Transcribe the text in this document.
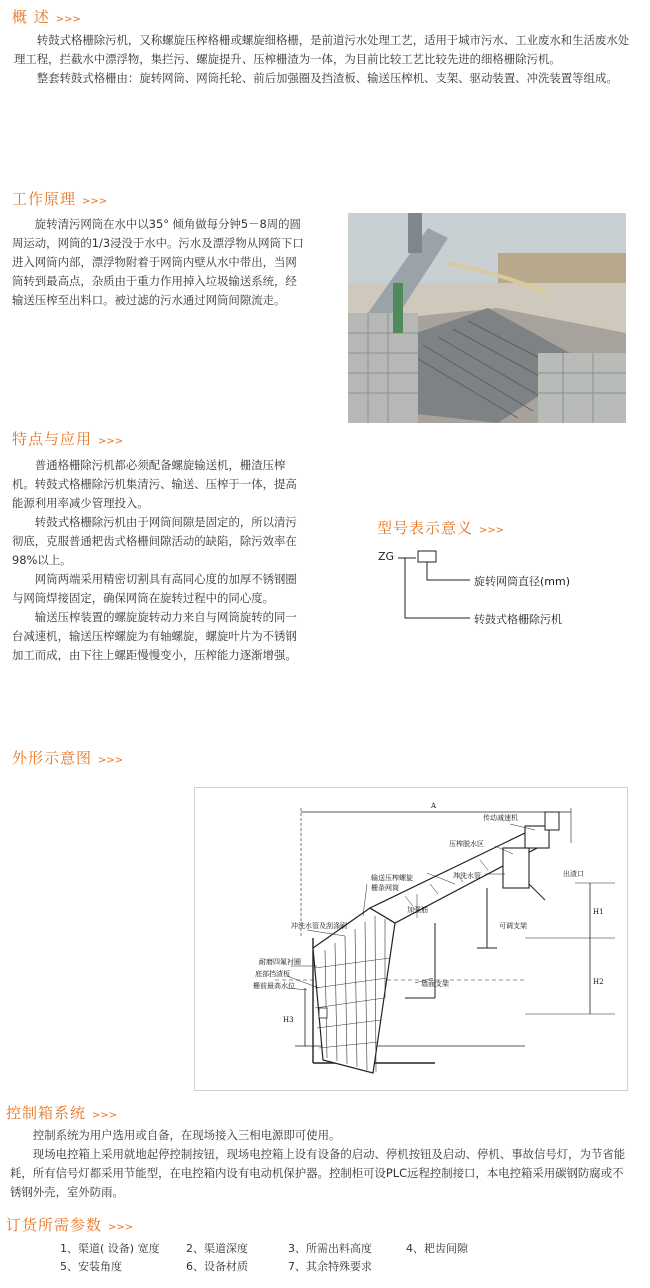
概 述 >>>

转鼓式格栅除污机，又称螺旋压榨格栅或螺旋细格栅，是前道污水处理工艺，适用于城市污水、工业废水和生活废水处理工程，拦截水中漂浮物，集拦污、螺旋提升、压榨栅渣为一体，为目前比较工艺比较先进的细格栅除污机。

整套转鼓式格栅由：旋转网筒、网筒托轮、前后加强圈及挡渣板、输送压榨机、支架、驱动装置、冲洗装置等组成。

工作原理 >>>

旋转清污网筒在水中以35° 倾角做每分钟5－8周的圆周运动，网筒的1/3浸没于水中。污水及漂浮物从网筒下口进入网筒内部，漂浮物附着于网筒内壁从水中带出，当网筒转到最高点，杂质由于重力作用掉入垃圾输送系统，经输送压榨至出料口。被过滤的污水通过网筒间隙流走。

特点与应用 >>>

普通格栅除污机都必须配备螺旋输送机，栅渣压榨机。转鼓式格栅除污机集清污、输送、压榨于一体，提高能源利用率减少管理投入。

转鼓式格栅除污机由于网筒间隙是固定的，所以清污彻底，克服普通耙齿式格栅间隙活动的缺陷，除污效率在98%以上。

网筒两端采用精密切割具有高同心度的加厚不锈钢圈与网筒焊接固定，确保网筒在旋转过程中的同心度。

输送压榨装置的螺旋旋转动力来自与网筒旋转的同一台减速机，输送压榨螺旋为有轴螺旋，螺旋叶片为不锈钢加工而成，由下往上螺距慢慢变小，压榨能力逐渐增强。

型号表示意义 >>>
ZG
旋转网筒直径(mm)
转鼓式格栅除污机
外形示意图 >>>
A
传动减速机
压榨脱水区
出渣口
冲洗水管
输送压榨螺旋
栅条网筒
冲洗水管及刮涤刷
加强筋
可调支架
耐磨四氟衬圈
底部挡渣板
栅前最高水位	墙面支架
H1
H2
H3
控制箱系统 >>>

控制系统为用户选用或自备，在现场接入三相电源即可使用。

现场电控箱上采用就地起停控制按钮，现场电控箱上设有设备的启动、停机按钮及启动、停机、事故信号灯，为节省能耗，所有信号灯都采用节能型，在电控箱内设有电动机保护器。控制柜可设PLC远程控制接口，本电控箱采用碳钢防腐或不锈钢外壳，室外防雨。

订货所需参数 >>>
1、渠道( 设备) 宽度 2、渠道深度	3、所需出料高度	4、耙齿间隙
5、安装角度	6、设备材质	7、其余特殊要求
